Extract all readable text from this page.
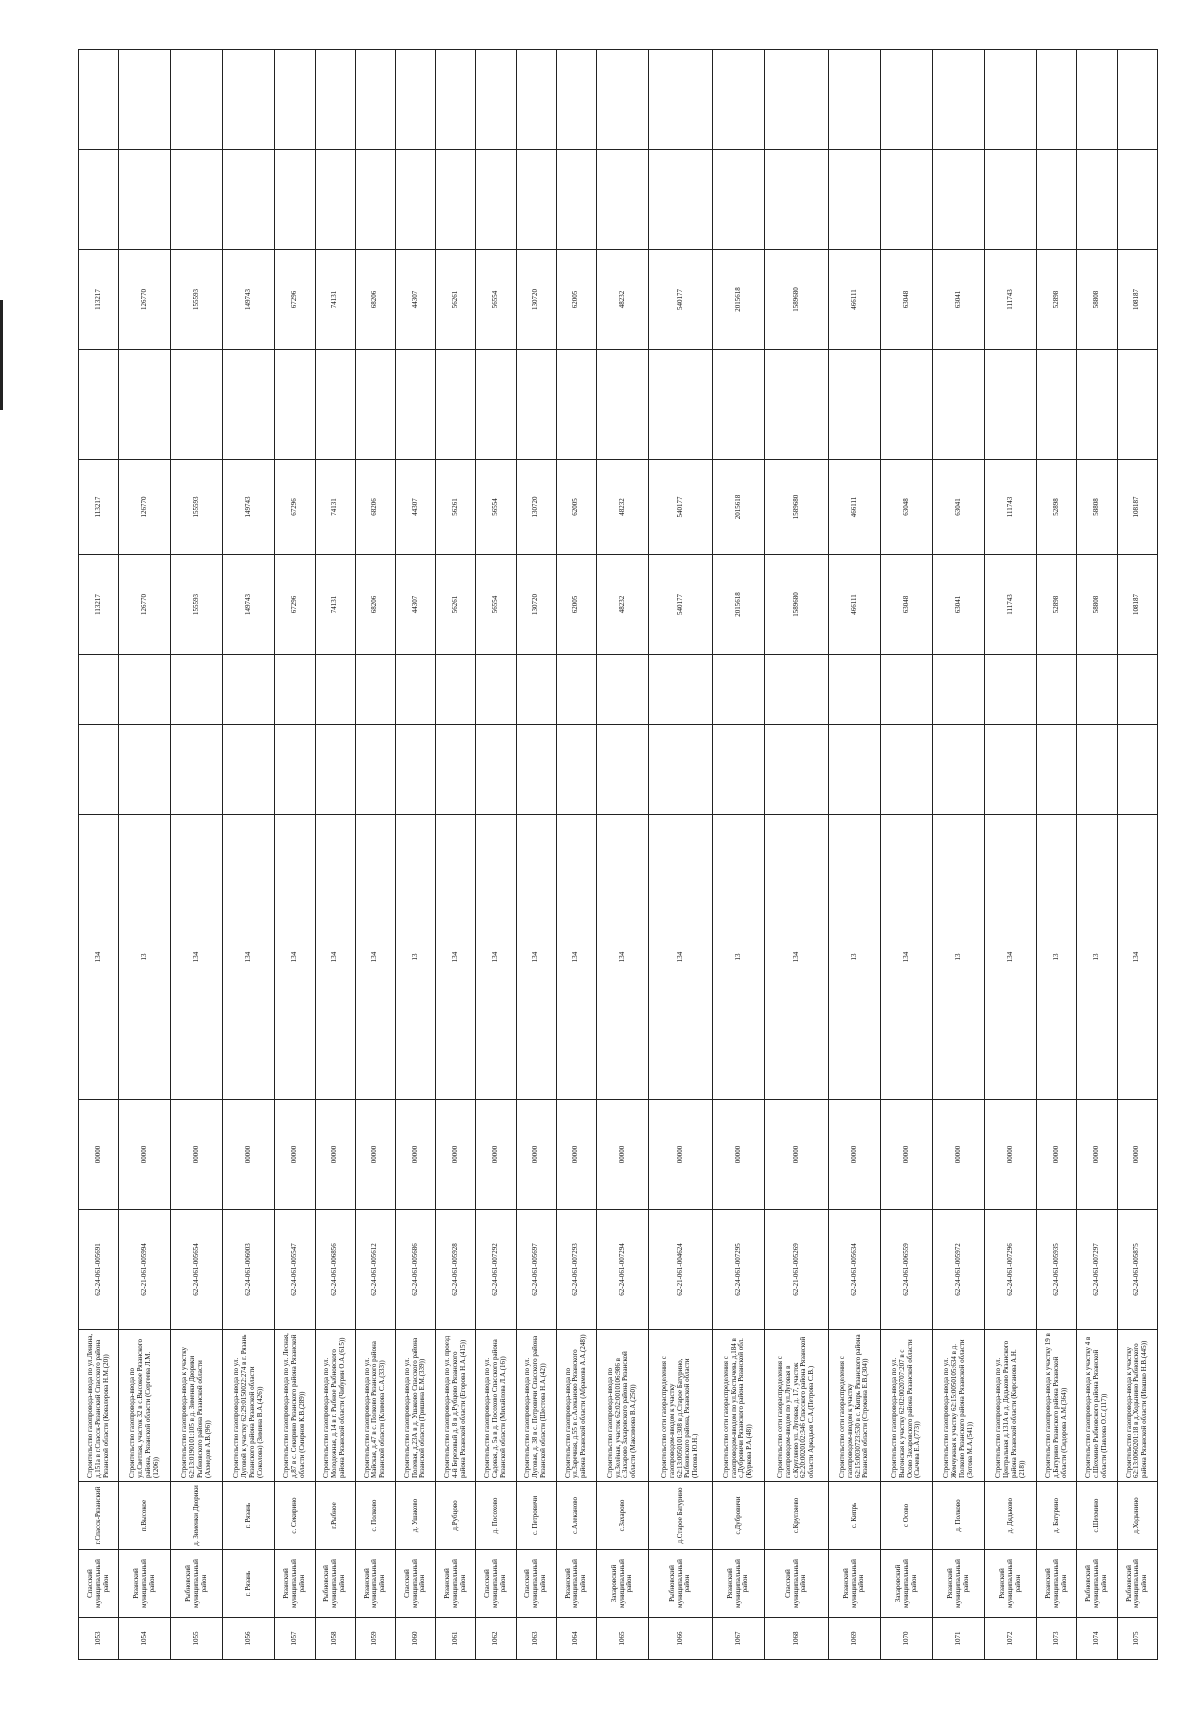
1053	Спасский муниципальный район	г.Спасск-Рязанский	Строительство газопровода-ввода по ул.Ленина, д.151а в г.Спасск-Рязанский Спасского района Рязанской области (Ковалерова Н.М.(20))	62-24-061-005691	00000	134			113217	113217		113217		
1054	Рязанский муниципальный район	п.Высокое	Строительство газопровода-ввода по ул.Светлая, участок 32 в с.Высокое Рязанского района, Рязанской области (Сергеева Л.М.(1206))	62-21-061-005994	00000	13			126770	126770		126770		
1055	Рыбновский муниципальный район	д. Зименки Дворики	Строительство газопровода-ввода к участку 62:13:0190101:105 в д. Зименки Дворики Рыбновского района Рязанской области (Ахмедов А.В.(96))	62-24-061-005654	00000	134			155593	155593		155593		
1056	г. Рязань	г. Рязань	Строительство газопровода-ввода по ул. Луговой к участку 62:29:0150022:274 в г. Рязань Рязанского района Рязанской области (Соколова) (Зимина В.А.(426))	62-24-061-006003	00000	134			149743	149743		149743		
1057	Рязанский муниципальный район	с. Секирино	Строительство газопровода-ввода по ул. Лесная, д.87 в с. Секирино Рязанского района Рязанской области (Смирнов К.В.(289))	62-24-061-005547	00000	134			67296	67296		67296		
1058	Рыбновский муниципальный район	г.Рыбное	Строительство газопровода-ввода по ул. Молодежная, д.14 в г. Рыбное Рыбновского района Рязанской области (Чибурин О.А.(615))	62-24-061-006856	00000	134			74131	74131		74131		
1059	Рязанский муниципальный район	с. Полково	Строительство газопровода-ввода по ул. Майская, д.47 в с. Полково Рязанского района Рязанской области (Климова С.А.(333))	62-24-061-005612	00000	134			68206	68206		68206		
1060	Спасский муниципальный район	д. Ушаково	Строительство газопровода-ввода по ул. Полевая, д.23А в д. Ушаково Спасского района Рязанской области (Гришина Е.М.(339))	62-24-061-005686	00000	13			44307	44307		44307		
1061	Рязанский муниципальный район	д.Рубцово	Строительство газопровода-ввода по ул. проезд 4-й Березовый д. 8 в д.Рубцово Рязанского района Рязанской области (Егорова Н.А.(415))	62-24-061-005928	00000	134			56261	56261		56261		
1062	Спасский муниципальный район	д. Посохово	Строительство газопровода-ввода по ул. Садовая, д. 5а в д. Посохово Спасского района Рязанской области (Михайлова Л.А.(16))	62-24-061-007292	00000	134			56554	56554		56554		
1063	Спасский муниципальный район	с. Петровичи	Строительство газопровода-ввода по ул. Луговая, д. 38 в с. Петровичи Спасского района Рязанской области (Шестова Н.А.(42))	62-24-061-005697	00000	134			130720	130720		130720		
1064	Рязанский муниципальный район	с.Алеканово	Строительство газопровода-ввода по ул.Заречная, д.55 в с.Алеканово Рязанского района Рязанской области (Абрамова А.А.(248))	62-24-061-007293	00000	134			62005	62005		62005		
1065	Захаровский муниципальный район	с.Захарово	Строительство газопровода-ввода по ул.Зелёная, участок 62:02:0010106:986 в с.Захарово Захаровского района Рязанской области (Максимова В.А.(250))	62-24-061-007294	00000	134			48232	48232		48232		
1066	Рыбновский муниципальный район	д.Старое Батурино	Строительство сети газораспределения с газопроводом-вводом к участку 62:13:0050101:308 в д.Старое Батурино, Рыбновского района, Рязанской области (Попова Ю.Н.)	62-21-061-004624	00000	134			540177	540177		540177		
1067	Рязанский муниципальный район	с.Дубровичи	Строительство сети газораспределения с газопроводом-вводом по ул.Костычева, д.184 в с.Дубровичи Рязанского района Рязанской обл.(Куркова Р.А.(48))	62-24-061-007295	00000	13			2015618	2015618		2015618		
1068	Спасский муниципальный район	с.Кругляево	Строительство сети газораспределения с газопроводом-вводом по ул.Луговая в с.Кругляево ул. Луговая, д. 17, участок 62:20:0020102:346 Спасского района Рязанской области Аркадьев С.А.(Петрова С.В.)	62-21-061-005269	00000	134			1589680	1589680		1589680		
1069	Рязанский муниципальный район	с. Кипрь	Строительство сети газораспределения с газопроводом-вводом к участку 62:15:0030723:530 в с. Кипрь Рязанского района Рязанской области (Строкина Е.В.(304))	62-24-061-005634	00000	13			466111	466111		466111		
1070	Захаровский муниципальный район	с Осово	Строительство газопровода-ввода по ул. Выгонская к участку 62:02:0020707:207 в с Осово Захаровского района Рязанской области (Сычева Е.А.(773))	62-24-061-006559	00000	134			63048	63048		63048		
1071	Рязанский муниципальный район	д. Полково	Строительство газопровода-ввода по ул. Жемчужная к участку 62:15:0050105:634 в д. Полково Рязанского района Рязанской области (Зотова М.А.(541))	62-24-061-005972	00000	13			63041	63041		63041		
1072	Рязанский муниципальный район	д. Дядьково	Строительство газопровода-ввода по ул. Центральная д.131А в д. Дядьково Рязанского района Рязанской области (Кирсанова А.Н.(218))	62-24-061-007296	00000	134			111743	111743		111743		
1073	Рязанский муниципальный район	д. Батурино	Строительство газопровода-ввода к участку 19 в д.Батурино Рязанского района Рязанской области (Сидорова А.М.(364))	62-24-061-005935	00000	13			52898	52898		52898		
1074	Рыбновский муниципальный район	с.Шехмино	Строительство газопровода-ввода к участку 4 в с.Шехмино Рыбновского района Рязанской области (Павлова О.С.(117))	62-24-061-007297	00000	13			58808	58808		58808		
1075	Рыбновский муниципальный район	д.Ходынино	Строительство газопровода-ввода к участку 62:13:0060201:18 в д.Ходынино Рыбновского района Рязанской области (Ивашко Н.В.(445))	62-24-061-005875	00000	134			108187	108187		108187		
